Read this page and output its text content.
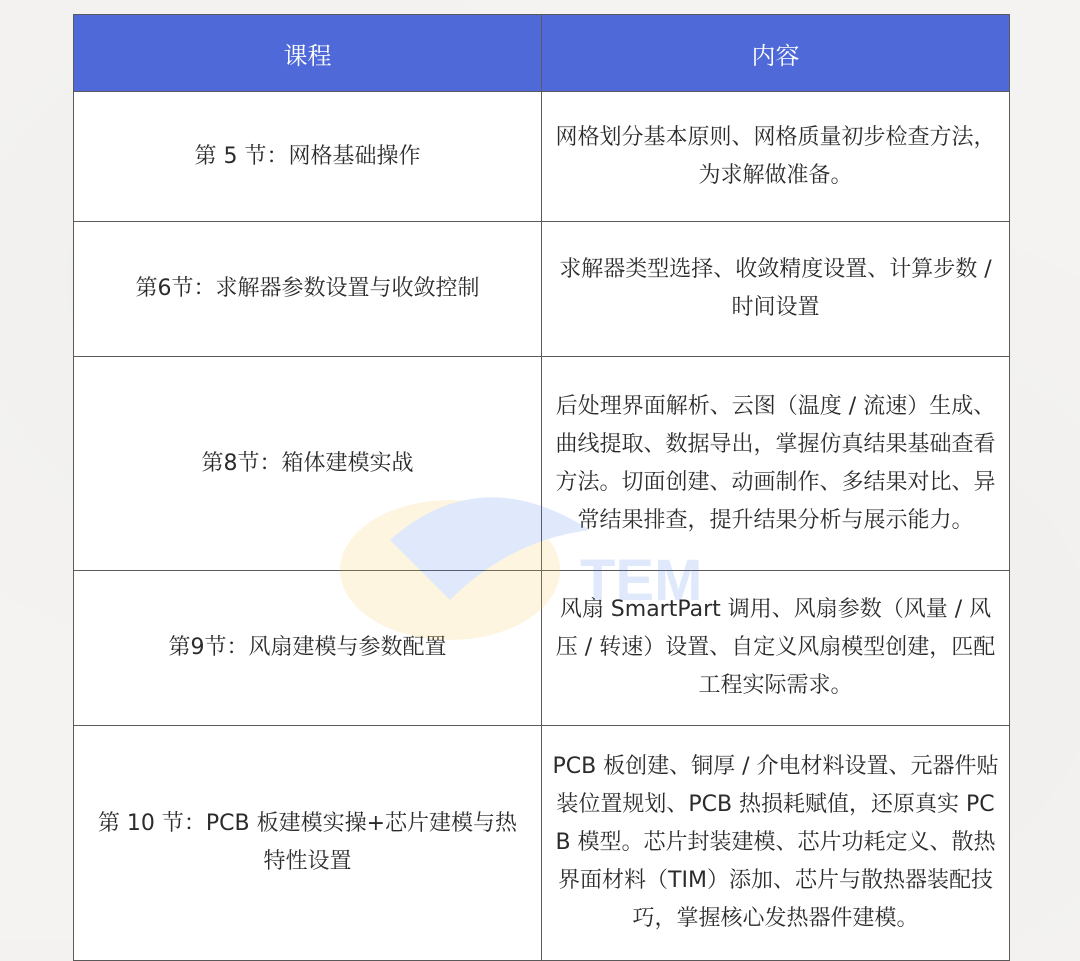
课程	内容
第 5 节：网格基础操作	网格划分基本原则、网格质量初步检查方法，为求解做准备。
第6节：求解器参数设置与收敛控制	求解器类型选择、收敛精度设置、计算步数 / 时间设置
第8节：箱体建模实战	后处理界面解析、云图（温度 / 流速）生成、曲线提取、数据导出，掌握仿真结果基础查看方法。切面创建、动画制作、多结果对比、异常结果排查，提升结果分析与展示能力。
第9节：风扇建模与参数配置	风扇 SmartPart 调用、风扇参数（风量 / 风压 / 转速）设置、自定义风扇模型创建，匹配工程实际需求。
第 10 节：PCB 板建模实操+芯片建模与热特性设置	PCB 板创建、铜厚 / 介电材料设置、元器件贴装位置规划、PCB 热损耗赋值，还原真实 PCB 模型。芯片封装建模、芯片功耗定义、散热界面材料（TIM）添加、芯片与散热器装配技巧，掌握核心发热器件建模。
